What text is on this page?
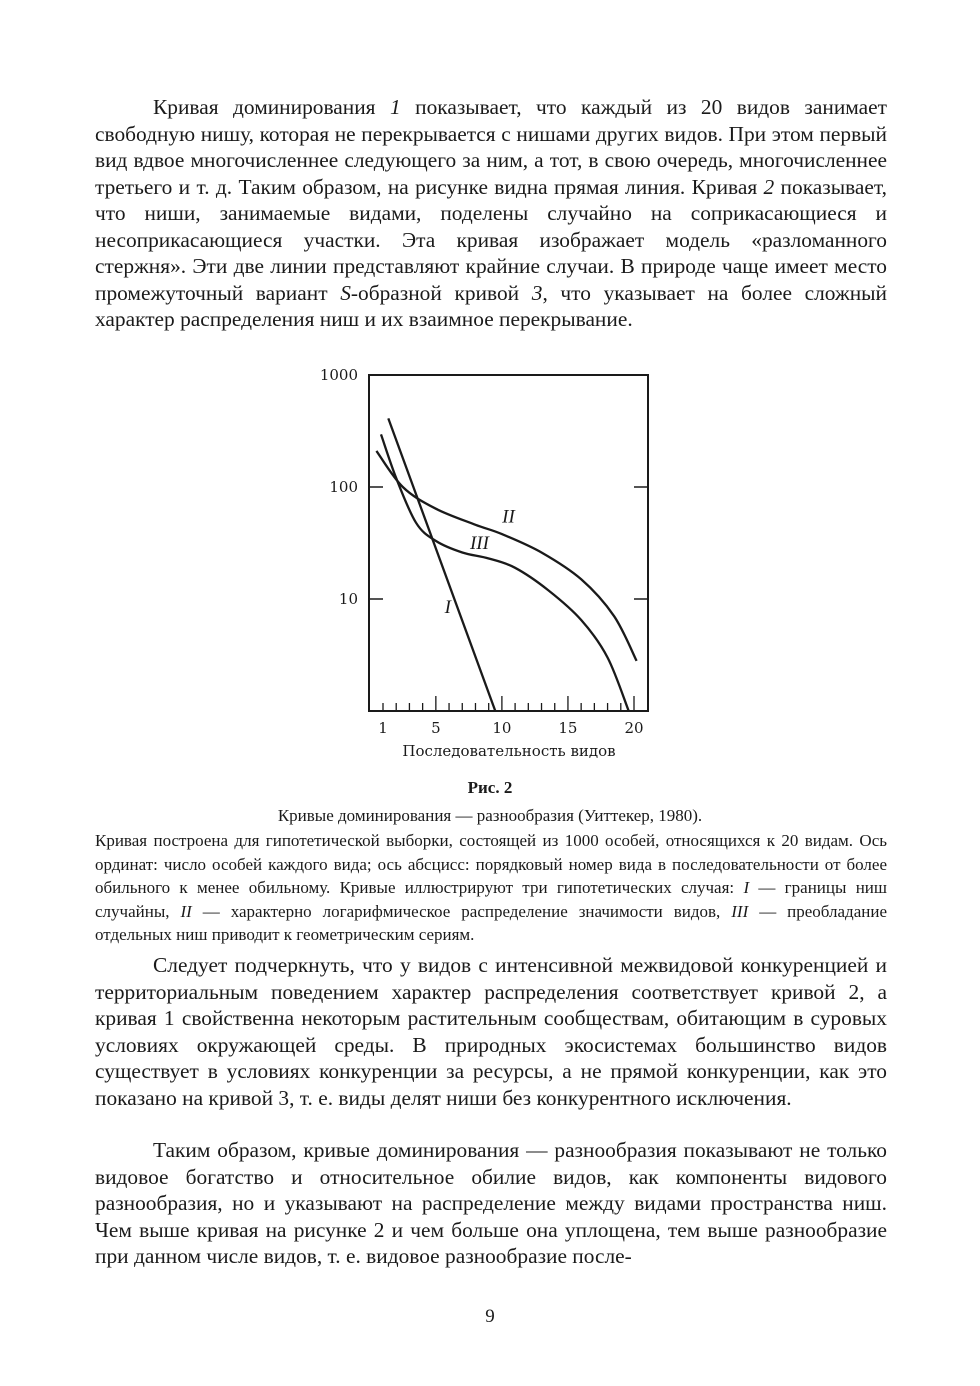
Кривая доминирования 1 показывает, что каждый из 20 видов занимает свободную нишу, которая не перекрывается с нишами других видов. При этом первый вид вдвое многочисленнее следующего за ним, а тот, в свою очередь, многочисленнее третьего и т. д. Таким образом, на рисунке видна прямая линия. Кривая 2 показывает, что ниши, занимаемые видами, поделены случайно на соприкасающиеся и несоприкасающиеся участки. Эта кривая изображает модель «разломанного стержня». Эти две линии представляют крайние случаи. В природе чаще имеет место промежуточный вариант S-образной кривой 3, что указывает на более сложный характер распределения ниш и их взаимное перекрывание.

10
100
1000
1	5	10	15	20
I
II
III
Последовательность видов
Рис. 2
Кривые доминирования — разнообразия (Уиттекер, 1980).

Кривая построена для гипотетической выборки, состоящей из 1000 особей, относящихся к 20 видам. Ось ординат: число особей каждого вида; ось абсцисс: порядковый номер вида в последовательности от более обильного к менее обильному. Кривые иллюстрируют три гипотетических случая: I — границы ниш случайны, II — характерно логарифмическое распределение значимости видов, III — преобладание отдельных ниш приводит к геометрическим сериям.

Следует подчеркнуть, что у видов с интенсивной межвидовой конкуренцией и территориальным поведением характер распределения соответствует кривой 2, а кривая 1 свойственна некоторым растительным сообществам, обитающим в суровых условиях окружающей среды. В природных экосистемах большинство видов существует в условиях конкуренции за ресурсы, а не прямой конкуренции, как это показано на кривой 3, т. е. виды делят ниши без конкурентного исключения.

Таким образом, кривые доминирования — разнообразия показывают не только видовое богатство и относительное обилие видов, как компоненты видового разнообразия, но и указывают на распределение между видами пространства ниш. Чем выше кривая на рисунке 2 и чем больше она уплощена, тем выше разнообразие при данном числе видов, т. е. видовое разнообразие после-

9
